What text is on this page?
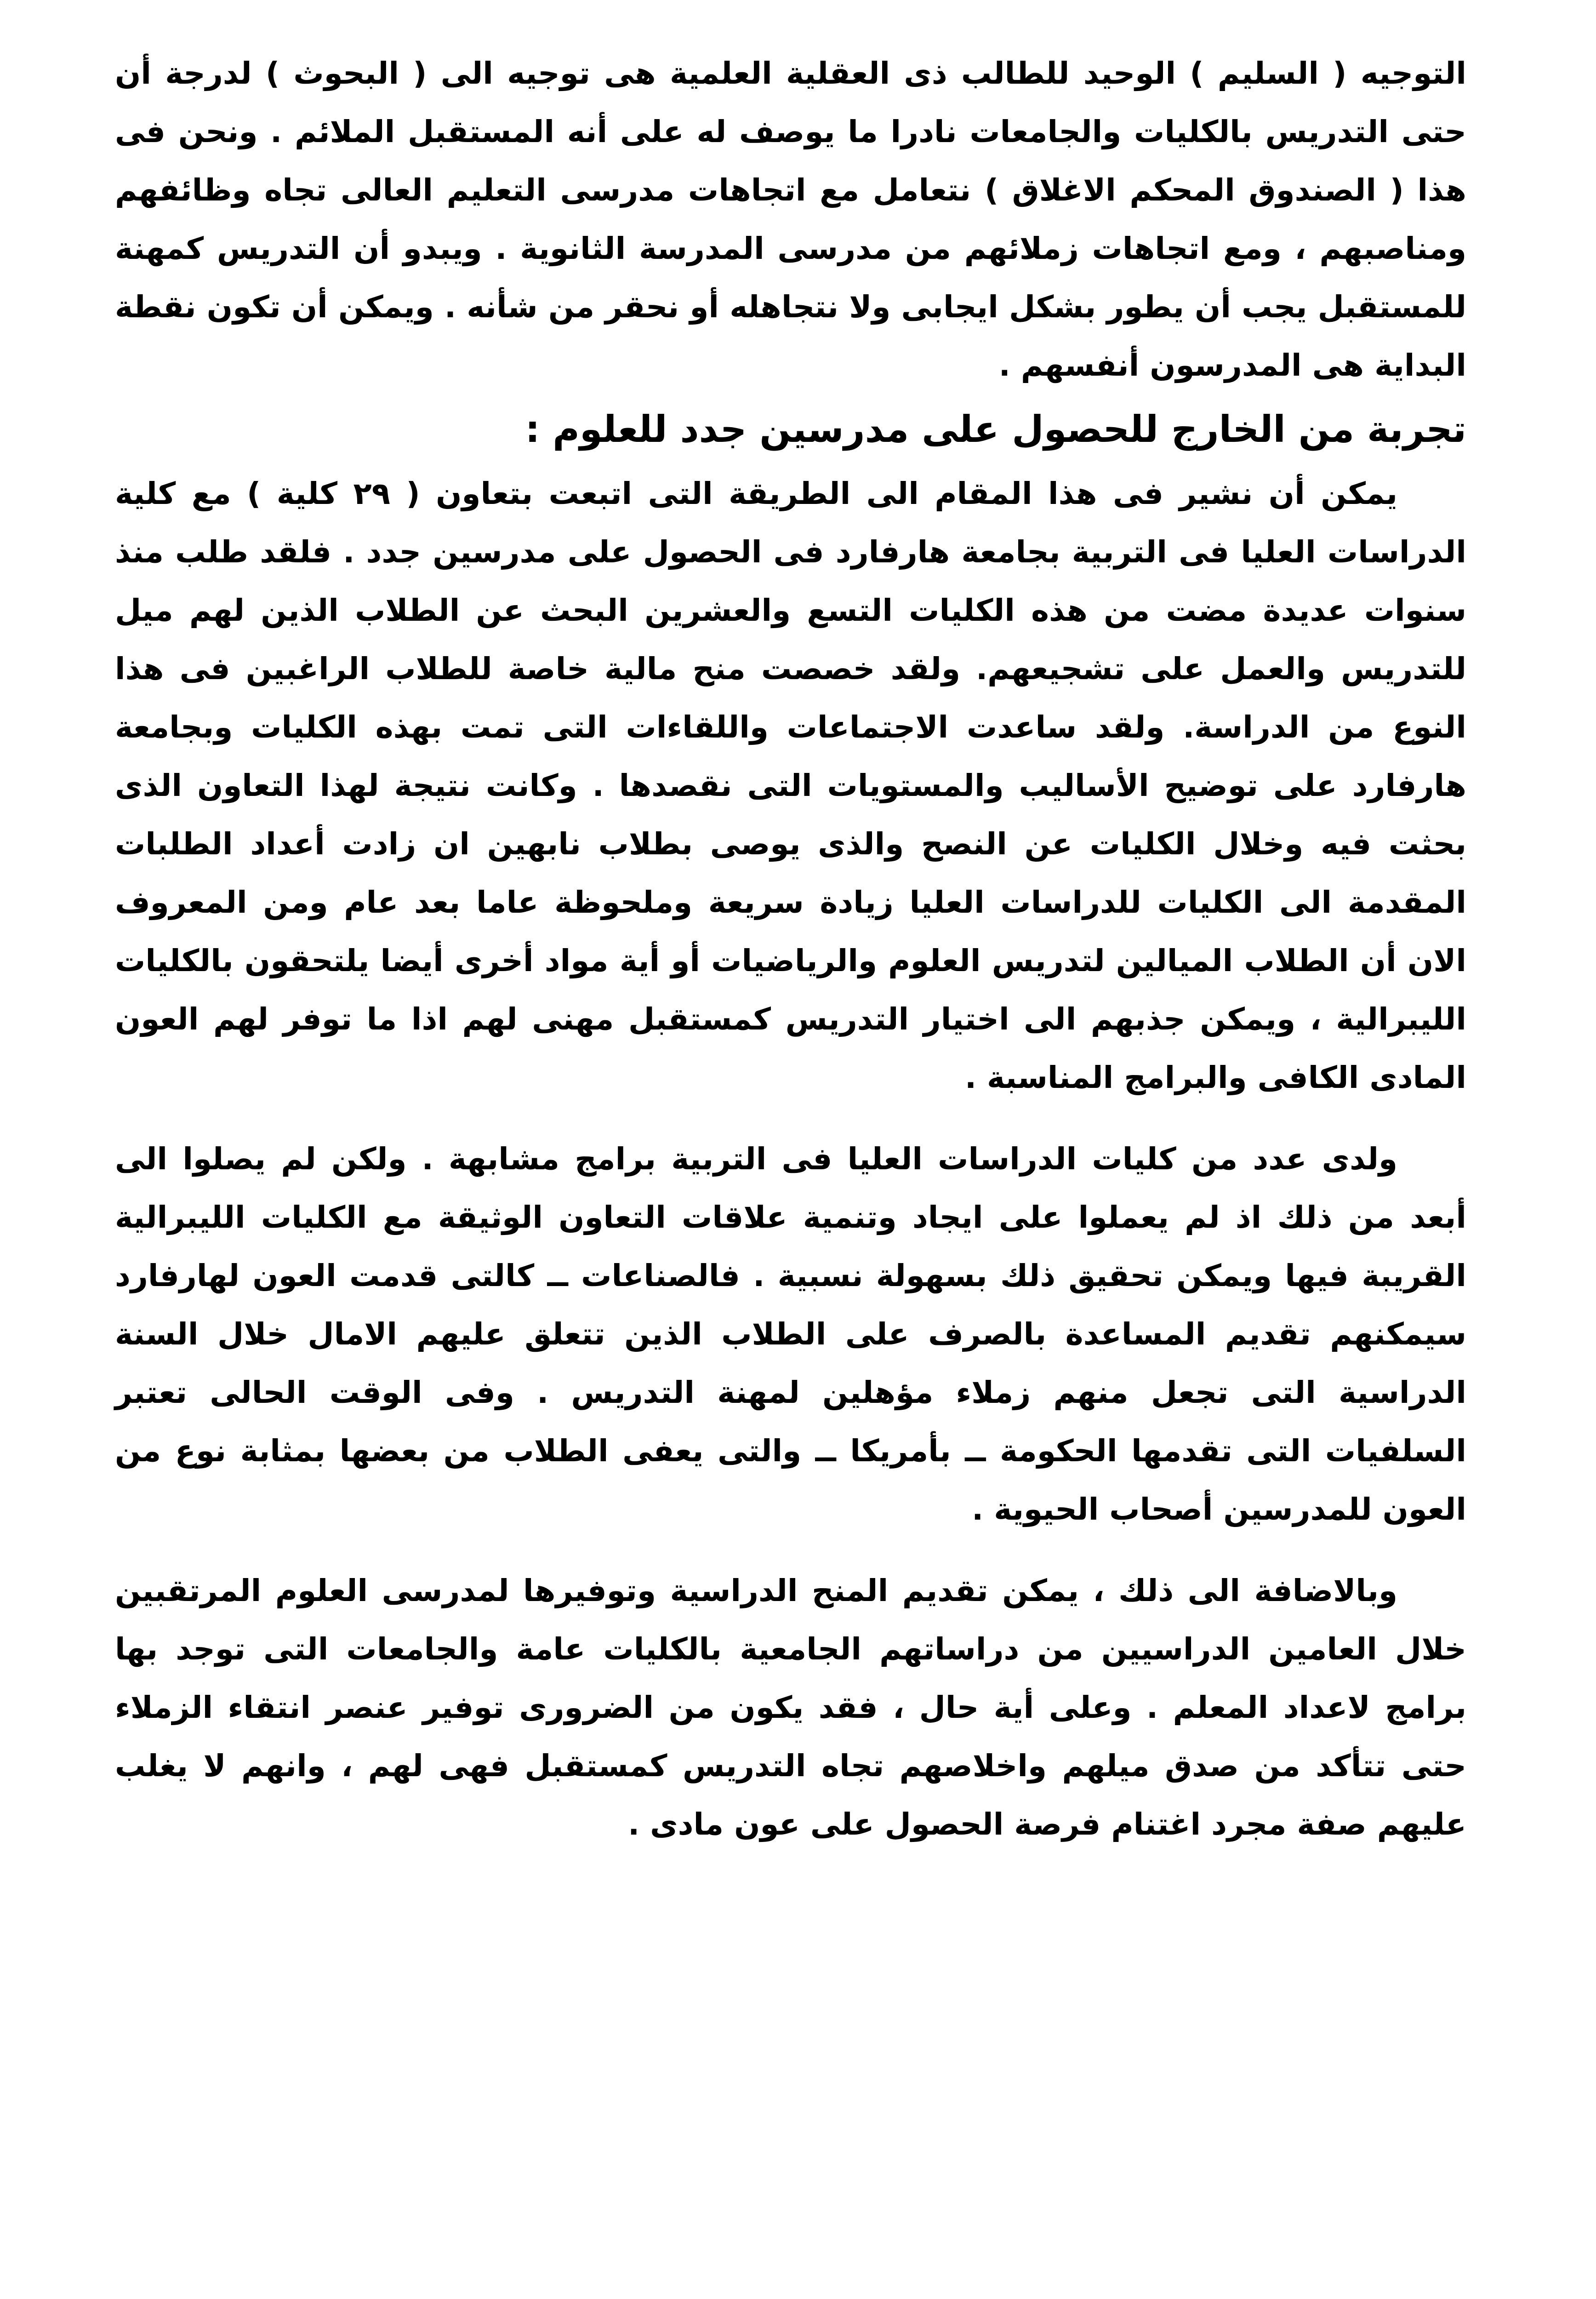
التوجيه ( السليم ) الوحيد للطالب ذى العقلية العلمية هى توجيه الى ( البحوث ) لدرجة أن حتى التدريس بالكليات والجامعات نادرا ما يوصف له على أنه المستقبل الملائم . ونحن فى هذا ( الصندوق المحكم الاغلاق ) نتعامل مع اتجاهات مدرسى التعليم العالى تجاه وظائفهم ومناصبهم ، ومع اتجاهات زملائهم من مدرسى المدرسة الثانوية . ويبدو أن التدريس كمهنة للمستقبل يجب أن يطور بشكل ايجابى ولا نتجاهله أو نحقر من شأنه . ويمكن أن تكون نقطة البداية هى المدرسون أنفسهم .

تجربة من الخارج للحصول على مدرسين جدد للعلوم :

يمكن أن نشير فى هذا المقام الى الطريقة التى اتبعت بتعاون ( ٢٩ كلية ) مع كلية الدراسات العليا فى التربية بجامعة هارفارد فى الحصول على مدرسين جدد . فلقد طلب منذ سنوات عديدة مضت من هذه الكليات التسع والعشرين البحث عن الطلاب الذين لهم ميل للتدريس والعمل على تشجيعهم. ولقد خصصت منح مالية خاصة للطلاب الراغبين فى هذا النوع من الدراسة. ولقد ساعدت الاجتماعات واللقاءات التى تمت بهذه الكليات وبجامعة هارفارد على توضيح الأساليب والمستويات التى نقصدها . وكانت نتيجة لهذا التعاون الذى بحثت فيه وخلال الكليات عن النصح والذى يوصى بطلاب نابهين ان زادت أعداد الطلبات المقدمة الى الكليات للدراسات العليا زيادة سريعة وملحوظة عاما بعد عام ومن المعروف الان أن الطلاب الميالين لتدريس العلوم والرياضيات أو أية مواد أخرى أيضا يلتحقون بالكليات الليبرالية ، ويمكن جذبهم الى اختيار التدريس كمستقبل مهنى لهم اذا ما توفر لهم العون المادى الكافى والبرامج المناسبة .

ولدى عدد من كليات الدراسات العليا فى التربية برامج مشابهة . ولكن لم يصلوا الى أبعد من ذلك اذ لم يعملوا على ايجاد وتنمية علاقات التعاون الوثيقة مع الكليات الليبرالية القريبة فيها ويمكن تحقيق ذلك بسهولة نسبية . فالصناعات ــ كالتى قدمت العون لهارفارد سيمكنهم تقديم المساعدة بالصرف على الطلاب الذين تتعلق عليهم الامال خلال السنة الدراسية التى تجعل منهم زملاء مؤهلين لمهنة التدريس . وفى الوقت الحالى تعتبر السلفيات التى تقدمها الحكومة ــ بأمريكا ــ والتى يعفى الطلاب من بعضها بمثابة نوع من العون للمدرسين أصحاب الحيوية .

وبالاضافة الى ذلك ، يمكن تقديم المنح الدراسية وتوفيرها لمدرسى العلوم المرتقبين خلال العامين الدراسيين من دراساتهم الجامعية بالكليات عامة والجامعات التى توجد بها برامج لاعداد المعلم . وعلى أية حال ، فقد يكون من الضرورى توفير عنصر انتقاء الزملاء حتى تتأكد من صدق ميلهم واخلاصهم تجاه التدريس كمستقبل فهى لهم ، وانهم لا يغلب عليهم صفة مجرد اغتنام فرصة الحصول على عون مادى .
